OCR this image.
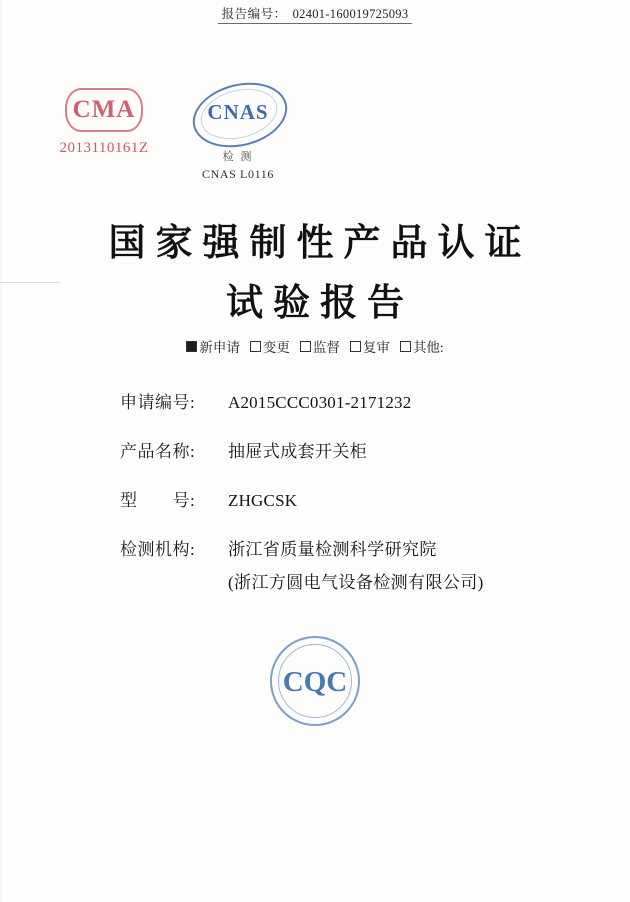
报告编号： 02401-160019725093
CMA
2013110161Z
CNAS
检 测
CNAS L0116
国家强制性产品认证
试验报告
新申请 变更 监督 复审 其他:
申请编号:	A2015CCC0301-2171232
产品名称:	抽屉式成套开关柜
型　　号:	ZHGCSK
检测机构:	浙江省质量检测科学研究院
(浙江方圆电气设备检测有限公司)
CQC
